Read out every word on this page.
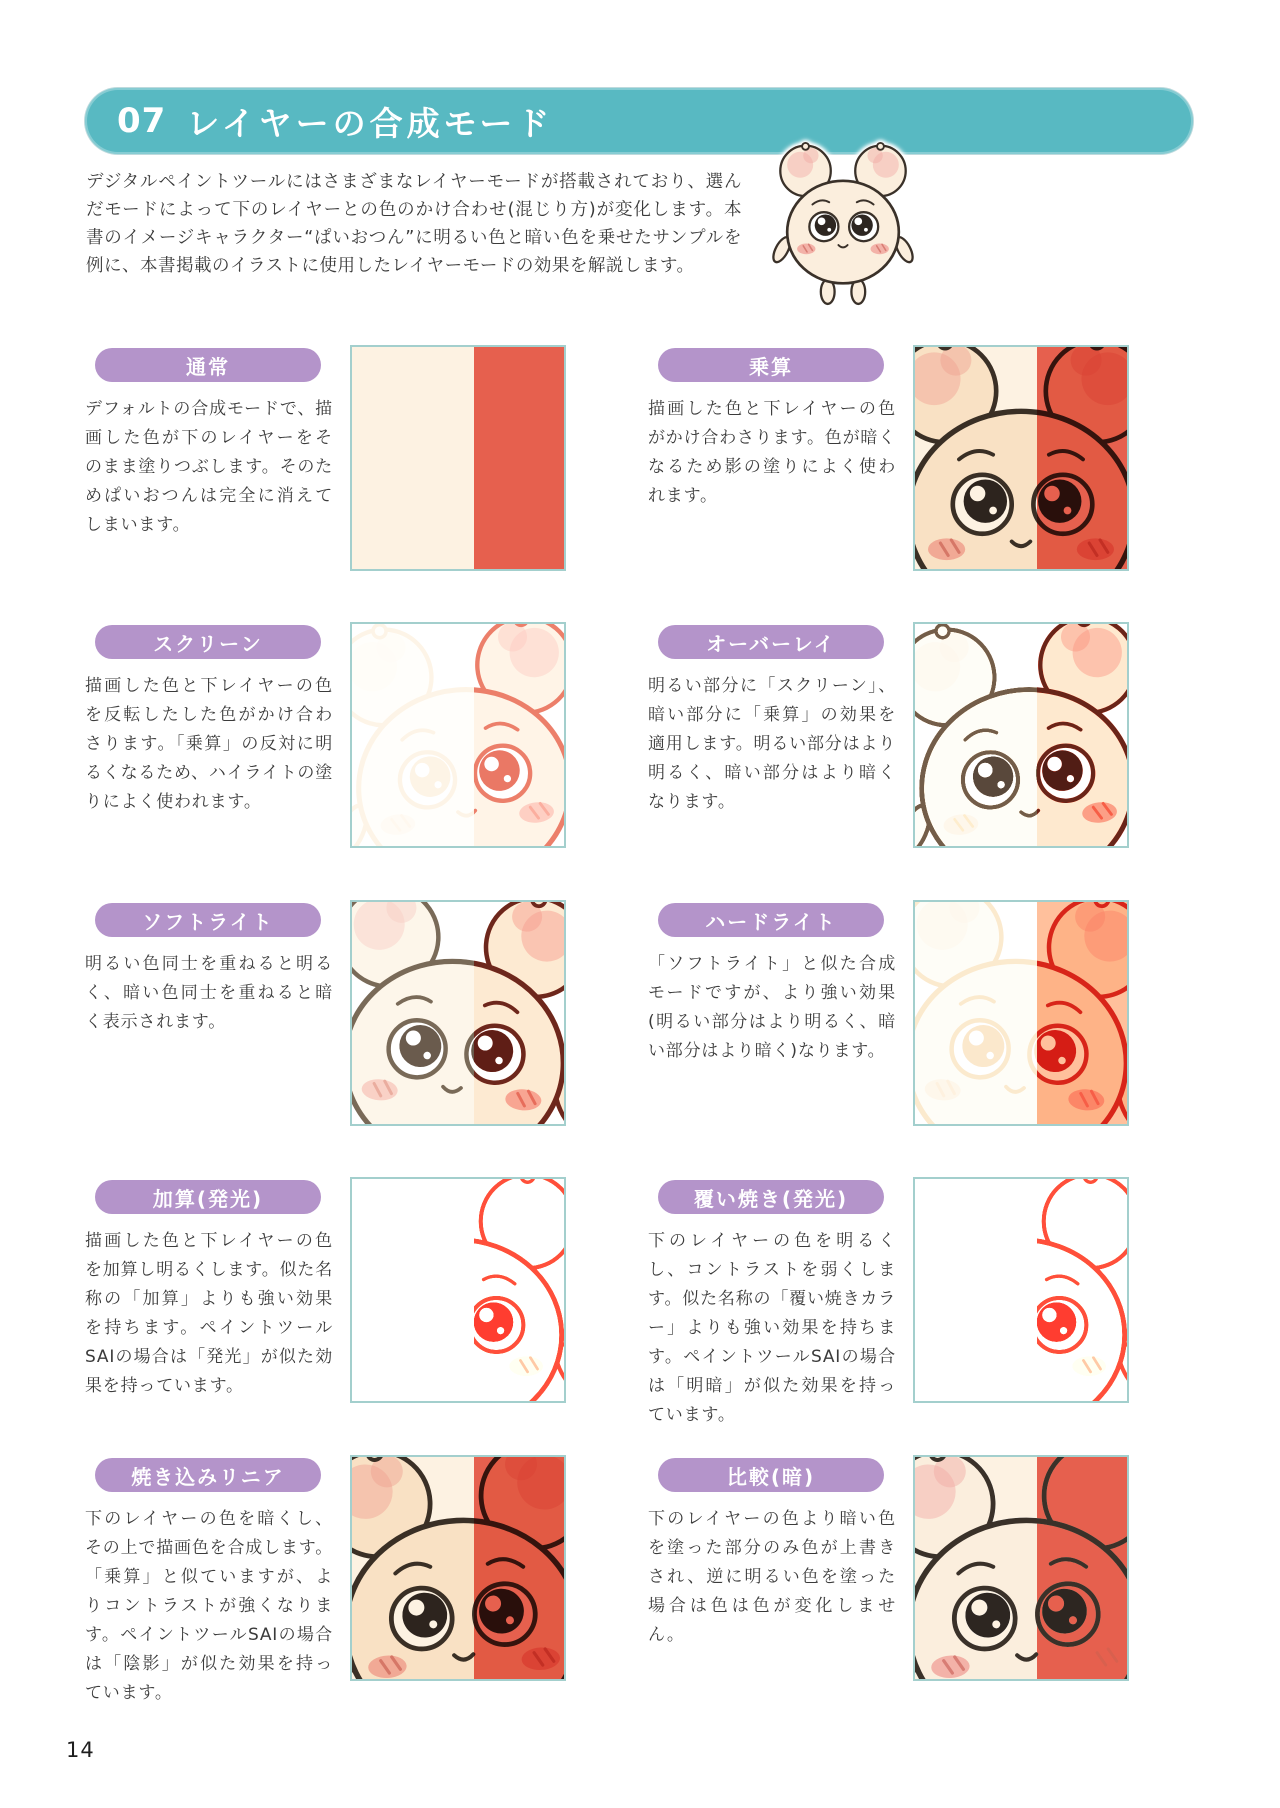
07 レイヤーの合成モード

デジタルペイントツールにはさまざまなレイヤーモードが搭載されており、選んだモードによって下のレイヤーとの色のかけ合わせ(混じり方)が変化します。本書のイメージキャラクター“ぱいおつん”に明るい色と暗い色を乗せたサンプルを例に、本書掲載のイラストに使用したレイヤーモードの効果を解説します。

通常

デフォルトの合成モードで、描画した色が下のレイヤーをそのまま塗りつぶします。そのためぱいおつんは完全に消えてしまいます。

乗算

描画した色と下レイヤーの色がかけ合わさります。色が暗くなるため影の塗りによく使われます。

スクリーン

描画した色と下レイヤーの色を反転したした色がかけ合わさります。「乗算」の反対に明るくなるため、ハイライトの塗りによく使われます。

オーバーレイ

明るい部分に「スクリーン」、暗い部分に「乗算」の効果を適用します。明るい部分はより明るく、暗い部分はより暗くなります。

ソフトライト

明るい色同士を重ねると明るく、暗い色同士を重ねると暗く表示されます。

ハードライト

「ソフトライト」と似た合成モードですが、より強い効果(明るい部分はより明るく、暗い部分はより暗く)なります。

加算(発光)

描画した色と下レイヤーの色を加算し明るくします。似た名称の「加算」よりも強い効果を持ちます。ペイントツールSAIの場合は「発光」が似た効果を持っています。

覆い焼き(発光)

下のレイヤーの色を明るくし、コントラストを弱くします。似た名称の「覆い焼きカラー」よりも強い効果を持ちます。ペイントツールSAIの場合は「明暗」が似た効果を持っています。

焼き込みリニア

下のレイヤーの色を暗くし、その上で描画色を合成します。「乗算」と似ていますが、よりコントラストが強くなります。ペイントツールSAIの場合は「陰影」が似た効果を持っています。

比較(暗)

下のレイヤーの色より暗い色を塗った部分のみ色が上書きされ、逆に明るい色を塗った場合は色は色が変化しません。

14
